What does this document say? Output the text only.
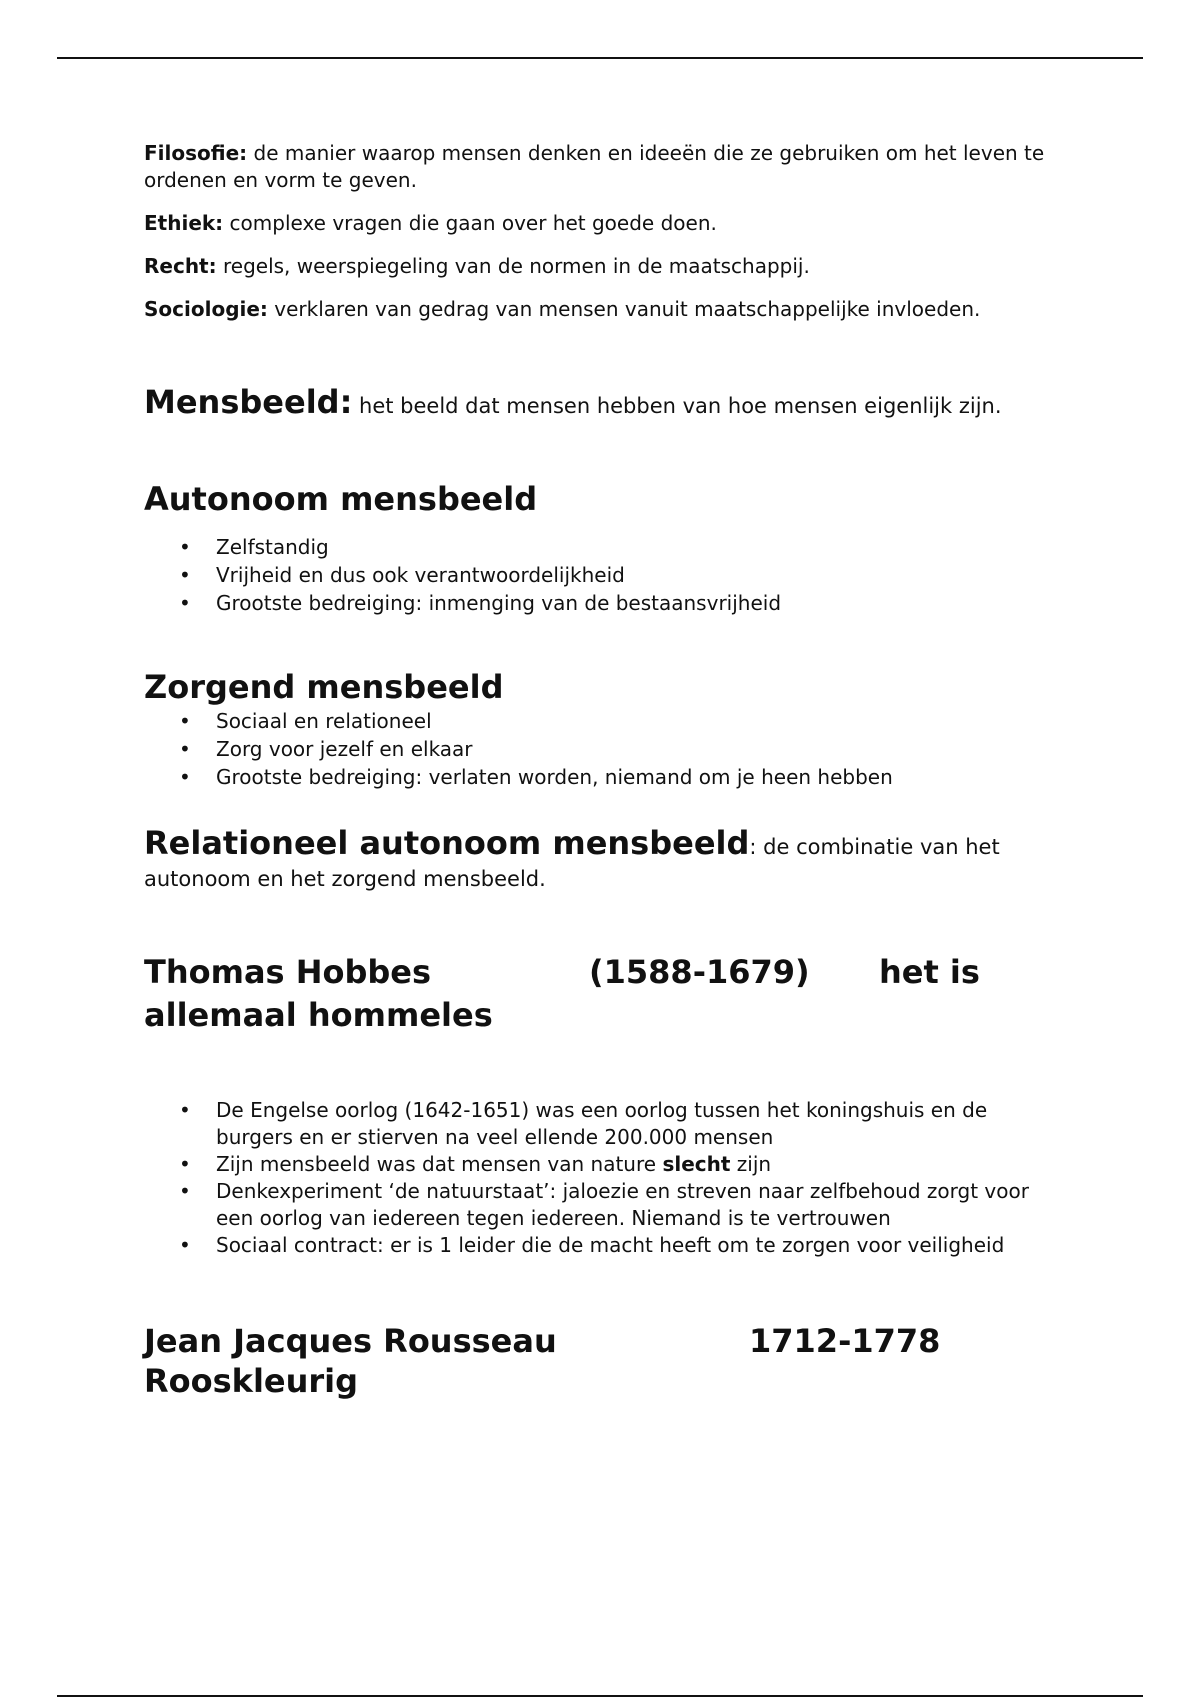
Filosofie: de manier waarop mensen denken en ideeën die ze gebruiken om het leven te ordenen en vorm te geven.

Ethiek: complexe vragen die gaan over het goede doen.

Recht: regels, weerspiegeling van de normen in de maatschappij.

Sociologie: verklaren van gedrag van mensen vanuit maatschappelijke invloeden.

Mensbeeld: het beeld dat mensen hebben van hoe mensen eigenlijk zijn.
Autonoom mensbeeld
• Zelfstandig
• Vrijheid en dus ook verantwoordelijkheid
• Grootste bedreiging: inmenging van de bestaansvrijheid
Zorgend mensbeeld
• Sociaal en relationeel
• Zorg voor jezelf en elkaar
• Grootste bedreiging: verlaten worden, niemand om je heen hebben
Relationeel autonoom mensbeeld: de combinatie van het autonoom en het zorgend mensbeeld.
Thomas Hobbes	(1588-1679)	het is
allemaal hommeles
• De Engelse oorlog (1642-1651) was een oorlog tussen het koningshuis en de burgers en er stierven na veel ellende 200.000 mensen
• Zijn mensbeeld was dat mensen van nature slecht zijn
• Denkexperiment ‘de natuurstaat’: jaloezie en streven naar zelfbehoud zorgt voor een oorlog van iedereen tegen iedereen. Niemand is te vertrouwen
• Sociaal contract: er is 1 leider die de macht heeft om te zorgen voor veiligheid
Jean Jacques Rousseau	1712-1778
Rooskleurig
